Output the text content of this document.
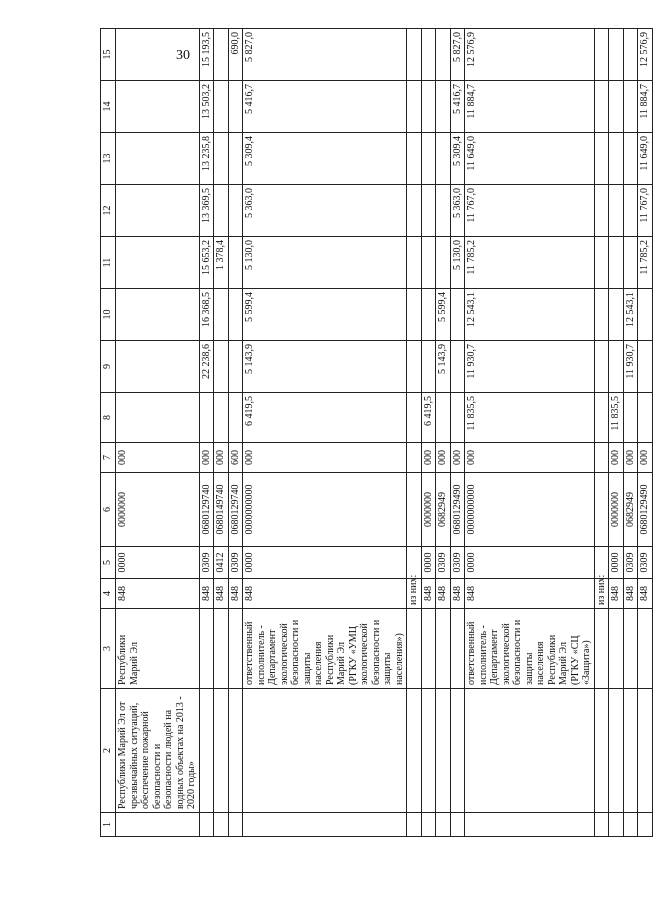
30
1	2	3	4	5	6	7	8	9	10	11	12	13	14	15
	Республики Марий Эл от чрезвычайных ситуаций, обеспечение пожарной безопасности и безопасности людей на водных объектах на 2013 - 2020 годы»	Республики Марий Эл	848	0000	0000000	000								
			848	0309	0680129740	000		22 238,6	16 368,5	15 653,2	13 369,5	13 235,8	13 503,2	15 193,5
			848	0412	0680149740	000				1 378,4				
			848	0309	0680129740	600								690,0
		ответственный исполнитель - Департамент экологической безопасности и защиты населения Республики Марий Эл (РГКУ «УМЦ экологической безопасности и защиты населения»)	848	0000	0000000000	000	6 419,5	5 143,9	5 599,4	5 130,0	5 363,0	5 309,4	5 416,7	5 827,0
			из них:											
			848	0000	0000000	000	6 419,5							
			848	0309	0682949	000		5 143,9	5 599,4					
			848	0309	0680129490	000				5 130,0	5 363,0	5 309,4	5 416,7	5 827,0
		ответственный исполнитель - Департамент экологической безопасности и защиты населения Республики Марий Эл (РГКУ «СЦ «Защита»)	848	0000	0000000000	000	11 835,5	11 930,7	12 543,1	11 785,2	11 767,0	11 649,0	11 884,7	12 576,9
			из них:											
			848	0000	0000000	000	11 835,5							
			848	0309	0682949	000		11 930,7	12 543,1					
			848	0309	0680129490	000				11 785,2	11 767,0	11 649,0	11 884,7	12 576,9
